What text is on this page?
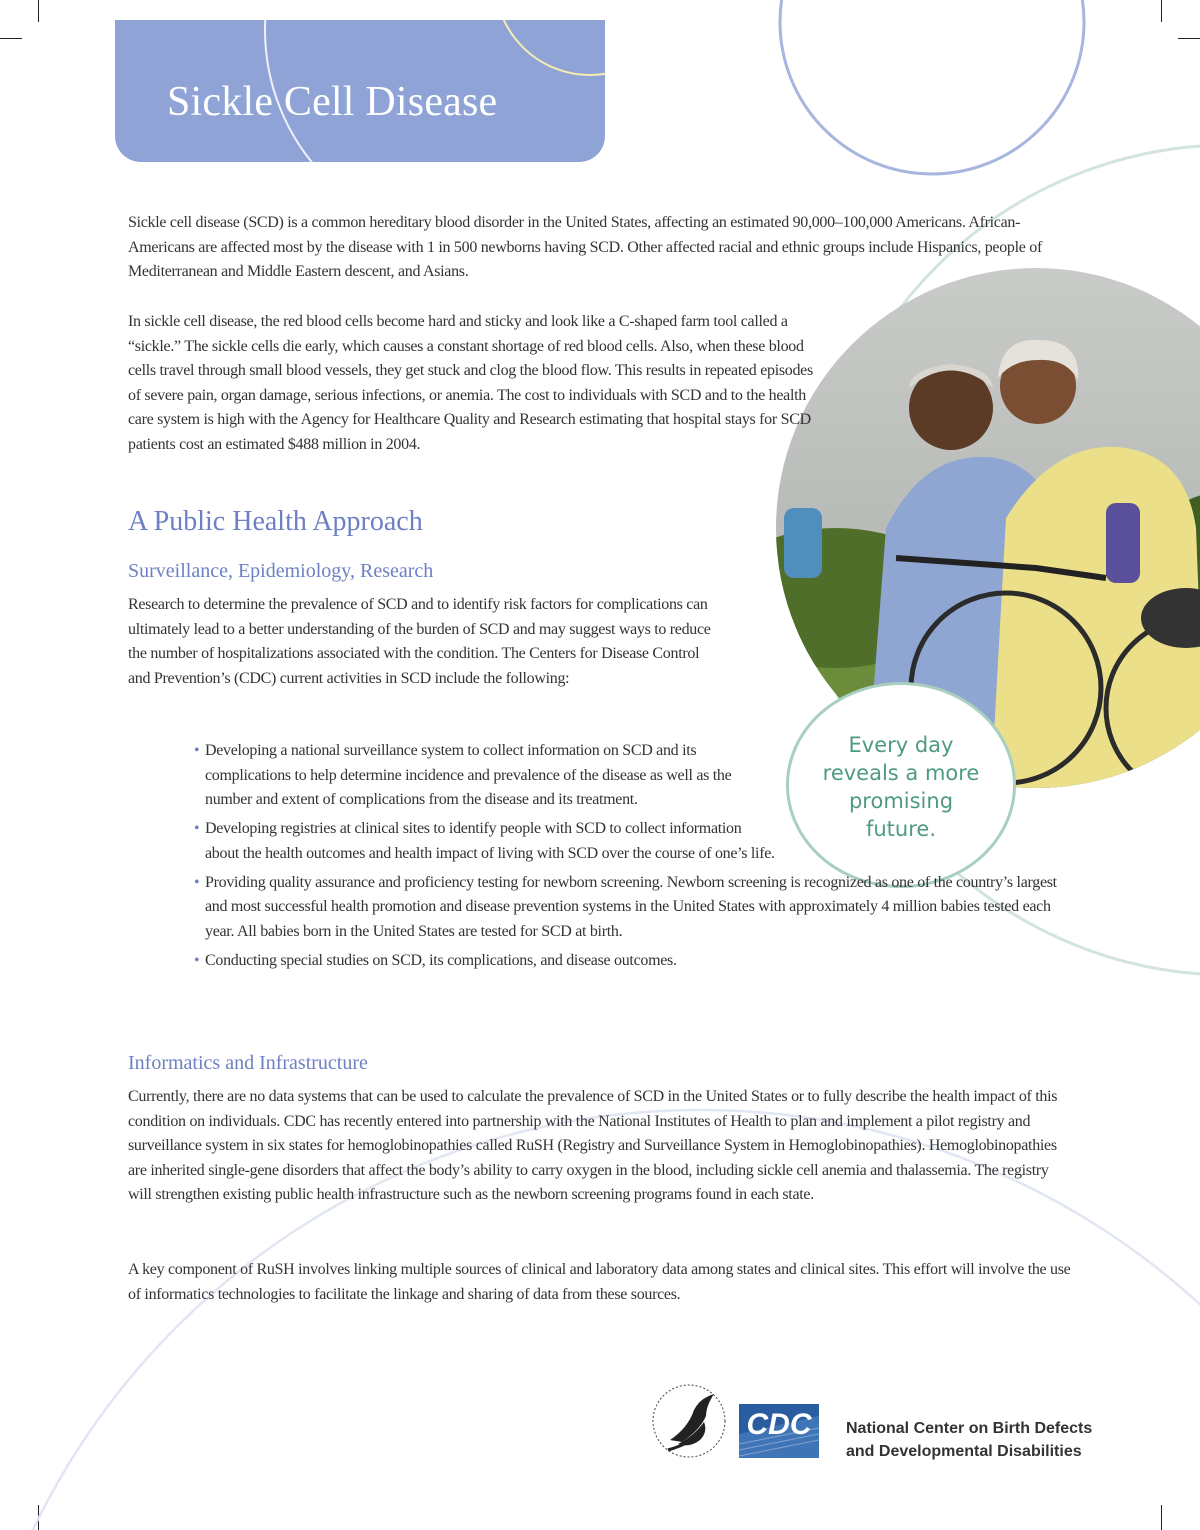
Sickle Cell Disease
Every day reveals a more promising future.
Sickle cell disease (SCD) is a common hereditary blood disorder in the United States, affecting an estimated 90,000–100,000 Americans. African-Americans are affected most by the disease with 1 in 500 newborns having SCD. Other affected racial and ethnic groups include Hispanics, people of Mediterranean and Middle Eastern descent, and Asians.
In sickle cell disease, the red blood cells become hard and sticky and look like a C-shaped farm tool called a “sickle.” The sickle cells die early, which causes a constant shortage of red blood cells. Also, when these blood cells travel through small blood vessels, they get stuck and clog the blood flow. This results in repeated episodes of severe pain, organ damage, serious infections, or anemia. The cost to individuals with SCD and to the health care system is high with the Agency for Healthcare Quality and Research estimating that hospital stays for SCD patients cost an estimated $488 million in 2004.
A Public Health Approach
Surveillance, Epidemiology, Research
Research to determine the prevalence of SCD and to identify risk factors for complications can ultimately lead to a better understanding of the burden of SCD and may suggest ways to reduce the number of hospitalizations associated with the condition. The Centers for Disease Control and Prevention’s (CDC) current activities in SCD include the following:
• Developing a national surveillance system to collect information on SCD and its complications to help determine incidence and prevalence of the disease as well as the number and extent of complications from the disease and its treatment.
• Developing registries at clinical sites to identify people with SCD to collect information about the health outcomes and health impact of living with SCD over the course of one’s life.
• Providing quality assurance and proficiency testing for newborn screening. Newborn screening is recognized as one of the country’s largest and most successful health promotion and disease prevention systems in the United States with approximately 4 million babies tested each year. All babies born in the United States are tested for SCD at birth.
• Conducting special studies on SCD, its complications, and disease outcomes.
Informatics and Infrastructure
Currently, there are no data systems that can be used to calculate the prevalence of SCD in the United States or to fully describe the health impact of this condition on individuals. CDC has recently entered into partnership with the National Institutes of Health to plan and implement a pilot registry and surveillance system in six states for hemoglobinopathies called RuSH (Registry and Surveillance System in Hemoglobinopathies). Hemoglobinopathies are inherited single-gene disorders that affect the body’s ability to carry oxygen in the blood, including sickle cell anemia and thalassemia. The registry will strengthen existing public health infrastructure such as the newborn screening programs found in each state.
A key component of RuSH involves linking multiple sources of clinical and laboratory data among states and clinical sites. This effort will involve the use of informatics technologies to facilitate the linkage and sharing of data from these sources.
CDC	National Center on Birth Defects
and Developmental Disabilities
